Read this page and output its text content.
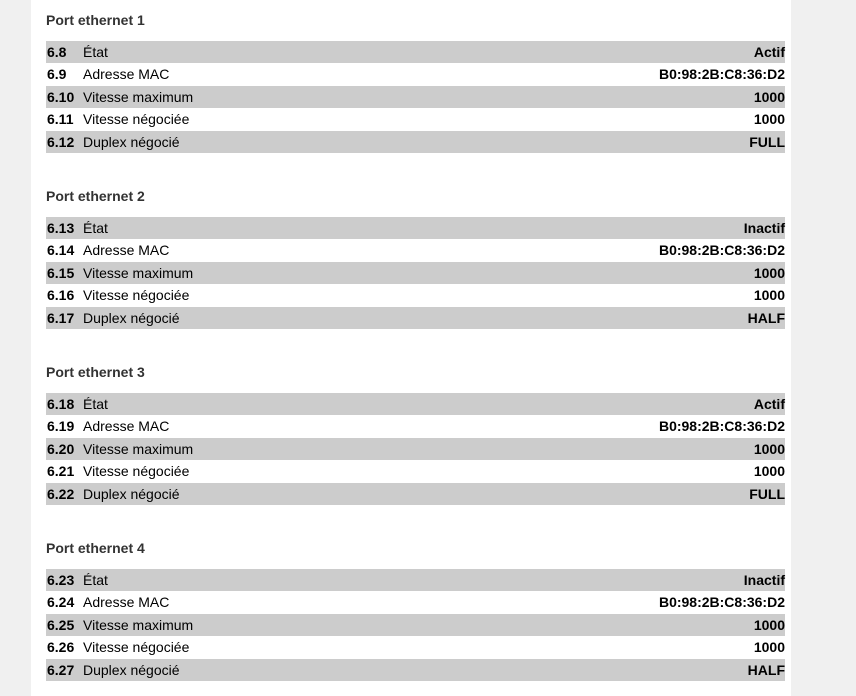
Port ethernet 1
6.8 État	Actif
6.9 Adresse MAC	B0:98:2B:C8:36:D2
6.10 Vitesse maximum	1000
6.11 Vitesse négociée	1000
6.12 Duplex négocié	FULL
Port ethernet 2
6.13 État	Inactif
6.14 Adresse MAC	B0:98:2B:C8:36:D2
6.15 Vitesse maximum	1000
6.16 Vitesse négociée	1000
6.17 Duplex négocié	HALF
Port ethernet 3
6.18 État	Actif
6.19 Adresse MAC	B0:98:2B:C8:36:D2
6.20 Vitesse maximum	1000
6.21 Vitesse négociée	1000
6.22 Duplex négocié	FULL
Port ethernet 4
6.23 État	Inactif
6.24 Adresse MAC	B0:98:2B:C8:36:D2
6.25 Vitesse maximum	1000
6.26 Vitesse négociée	1000
6.27 Duplex négocié	HALF
